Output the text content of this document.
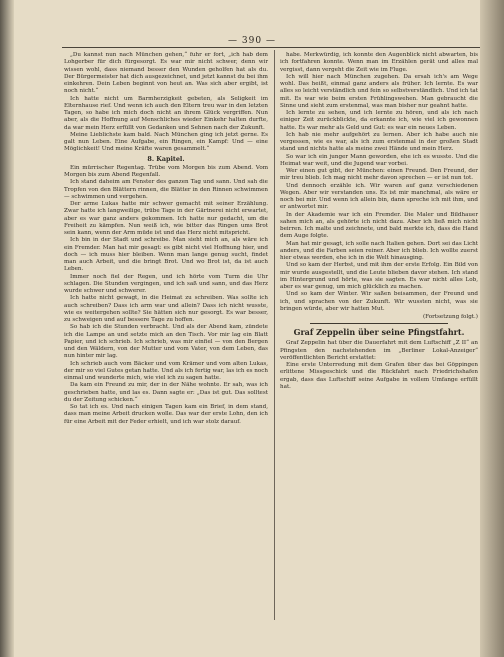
— 390 —

„Du kannst nun nach München gehen,“ fuhr er fort, „ich hab dem Lohgerber für dich fürgesorgt. Es war mir nicht schwer, denn wir wissen wohl, dass niemand besser den Wunden geholfen hat als du. Der Bürgermeister hat dich ausgezeichnet, und jetzt kannst du bei ihm einkehren. Dein Leben beginnt von heut an. Was sich aber ergibt, ist noch nicht.“

Ich hatte nicht um Barmherzigkeit gebeten, als Seligkeit im Elternhause rief. Und wenn ich auch den Eltern treu war in den letzten Tagen, so habe ich mich doch nicht an ihrem Glück vergriffen. Nun aber, als die Hoffnung auf Menschliches wieder Einkehr halten durfte, da war mein Herz erfüllt von Gedanken und Sehnen nach der Zukunft.

Meine Lieblichste kam bald. Nach München ging ich jetzt gerne. Es galt nun Leben. Eine Aufgabe, ein Ringen, ein Kampf: Und — eine Möglichkeit! Und meine Kräfte waren gesammelt.“

8. Kapitel.

Ein mürrischer Regentag. Trübe vom Morgen bis zum Abend. Vom Morgen bis zum Abend Regenfall.

Ich stand daheim am Fenster des ganzen Tag und sann. Und sah die Tropfen von den Blättern rinnen, die Blätter in den Rinnen schwimmen — schwimmen und vergehen.

Der arme Lukas hatte mir schwer gemacht mit seiner Erzählung. Zwar hatte ich langweilige, trübe Tage in der Gärtnerei nicht erwartet, aber es war ganz anders gekommen. Ich hatte nur gedacht, um die Freiheit zu kämpfen. Nun weiß ich, wie bitter das Ringen ums Brot sein kann, wenn der Arm müde ist und das Herz nicht mitspricht.

Ich bin in der Stadt und schreibe. Man sieht mich an, als wäre ich ein Fremder. Man hat mir gesagt: es gibt nicht viel Hoffnung hier, und doch — ich muss hier bleiben. Wenn man lange genug sucht, findet man auch Arbeit, und die bringt Brot. Und wo Brot ist, da ist auch Leben.

Immer noch fiel der Regen, und ich hörte vom Turm die Uhr schlagen. Die Stunden vergingen, und ich saß und sann, und das Herz wurde schwer und schwerer.

Ich hatte nicht gewagt, in die Heimat zu schreiben. Was sollte ich auch schreiben? Dass ich arm war und allein? Dass ich nicht wusste, wie es weitergehen sollte? Sie hätten sich nur gesorgt. Es war besser, zu schweigen und auf bessere Tage zu hoffen.

So hab ich die Stunden verbracht. Und als der Abend kam, zündete ich die Lampe an und setzte mich an den Tisch. Vor mir lag ein Blatt Papier, und ich schrieb. Ich schrieb, was mir einfiel — von den Bergen und den Wäldern, von der Mutter und vom Vater, von dem Leben, das nun hinter mir lag.

Ich schrieb auch vom Bäcker und vom Krämer und vom alten Lukas, der mir so viel Gutes getan hatte. Und als ich fertig war, las ich es noch einmal und wunderte mich, wie viel ich zu sagen hatte.

Da kam ein Freund zu mir, der in der Nähe wohnte. Er sah, was ich geschrieben hatte, und las es. Dann sagte er: „Das ist gut. Das solltest du der Zeitung schicken.“

So tat ich es. Und nach einigen Tagen kam ein Brief, in dem stand, dass man meine Arbeit drucken wolle. Das war der erste Lohn, den ich für eine Arbeit mit der Feder erhielt, und ich war stolz darauf.

habe. Merkwürdig, ich konnte den Augenblick nicht abwarten, bis ich fortfahren konnte. Wenn man im Erzählen gerät und alles mal vergisst, dann vergeht die Zeit wie im Fluge.

Ich will hier nach München zugehen. Da ersah ich's am Wege wohl. Das heißt, einmal ganz anders als früher. Ich lernte. Es war alles so leicht verständlich und fein so selbstverständlich. Und ich tat mit. Es war wie beim ersten Frühlingswehen. Man gebraucht die Sinne und sieht zum erstenmal, was man bisher nur geahnt hatte.

Ich lernte zu sehen, und ich lernte zu hören, und als ich nach einiger Zeit zurückblickte, da erkannte ich, wie viel ich gewonnen hatte. Es war mehr als Geld und Gut: es war ein neues Leben.

Ich hab nie mehr aufgehört zu lernen. Aber ich habe auch nie vergessen, wie es war, als ich zum erstenmal in der großen Stadt stand und nichts hatte als meine zwei Hände und mein Herz.

So war ich ein junger Mann geworden, ehe ich es wusste. Und die Heimat war weit, und die Jugend war vorbei.

Wer einen gut gibt, der München: einen Freund. Den Freund, der mir treu blieb. Ich mag nicht mehr davon sprechen — er ist nun tot.

Und dennoch erzähle ich. Wir waren auf ganz verschiedenen Wegen. Aber wir verstanden uns. Es ist mir manchmal, als wäre er noch bei mir. Und wenn ich allein bin, dann spreche ich mit ihm, und er antwortet mir.

In der Akademie war ich ein Fremder. Die Maler und Bildhauer sahen mich an, als gehörte ich nicht dazu. Aber ich ließ mich nicht beirren. Ich malte und zeichnete, und bald merkte ich, dass die Hand dem Auge folgte.

Man hat mir gesagt, ich solle nach Italien gehen. Dort sei das Licht anders, und die Farben seien reiner. Aber ich blieb. Ich wollte zuerst hier etwas werden, ehe ich in die Welt hinausging.

Und so kam der Herbst, und mit ihm der erste Erfolg. Ein Bild von mir wurde ausgestellt, und die Leute blieben davor stehen. Ich stand im Hintergrund und hörte, was sie sagten. Es war nicht alles Lob, aber es war genug, um mich glücklich zu machen.

Und so kam der Winter. Wir saßen beisammen, der Freund und ich, und sprachen von der Zukunft. Wir wussten nicht, was sie bringen würde, aber wir hatten Mut.

(Fortsetzung folgt.)
Graf Zeppelin über seine Pfingstfahrt.

Graf Zeppelin hat über die Dauerfahrt mit dem Luftschiff „Z II“ an Pfingsten den nachstehenden im „Berliner Lokal-Anzeiger“ veröffentlichten Bericht erstattet:

Eine erste Unterredung mit dem Grafen über das bei Göppingen erlittene Missgeschick und die Rückfahrt nach Friedrichshafen ergab, dass das Luftschiff seine Aufgabe in vollem Umfange erfüllt hat.
